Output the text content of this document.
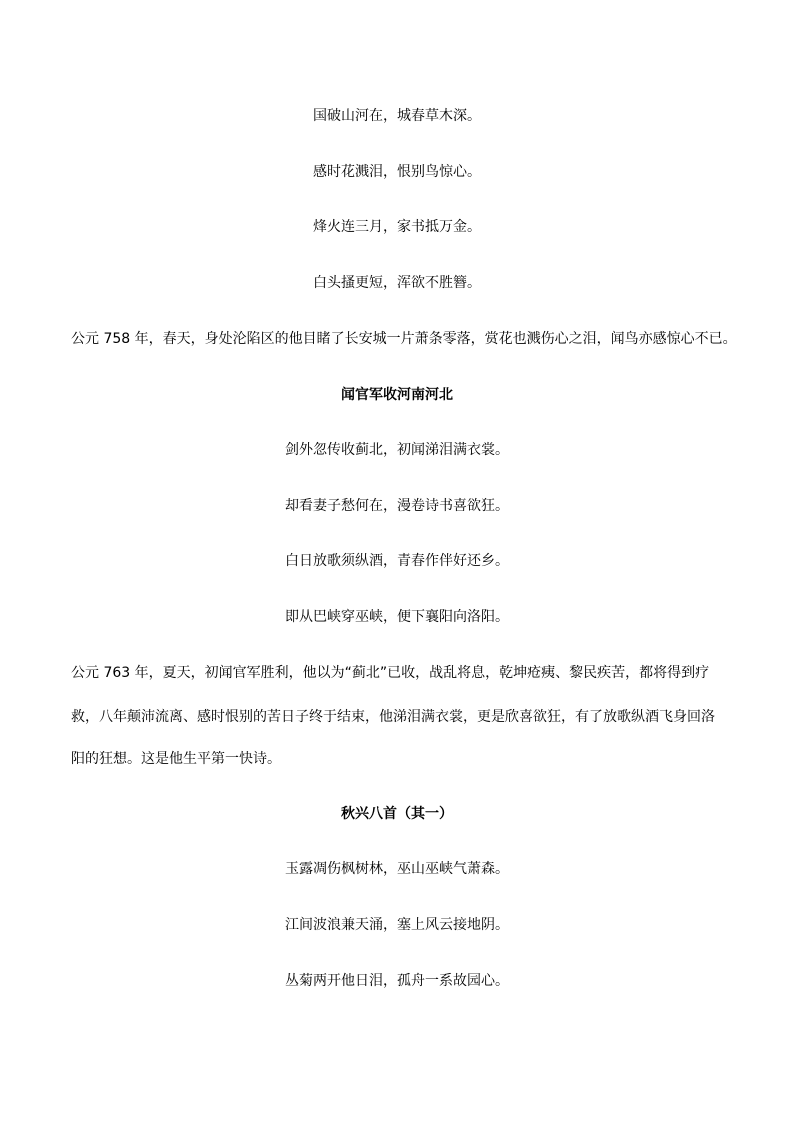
国破山河在，城春草木深。
感时花溅泪，恨别鸟惊心。
烽火连三月，家书抵万金。
白头搔更短，浑欲不胜簪。
公元 758 年，春天，身处沦陷区的他目睹了长安城一片萧条零落，赏花也溅伤心之泪，闻鸟亦感惊心不已。
闻官军收河南河北
剑外忽传收蓟北，初闻涕泪满衣裳。
却看妻子愁何在，漫卷诗书喜欲狂。
白日放歌须纵酒，青春作伴好还乡。
即从巴峡穿巫峡，便下襄阳向洛阳。
公元 763 年，夏天，初闻官军胜利，他以为“蓟北”已收，战乱将息，乾坤疮痍、黎民疾苦，都将得到疗
救，八年颠沛流离、感时恨别的苦日子终于结束，他涕泪满衣裳，更是欣喜欲狂，有了放歌纵酒飞身回洛
阳的狂想。这是他生平第一快诗。
秋兴八首（其一）
玉露凋伤枫树林，巫山巫峡气萧森。
江间波浪兼天涌，塞上风云接地阴。
丛菊两开他日泪，孤舟一系故园心。
